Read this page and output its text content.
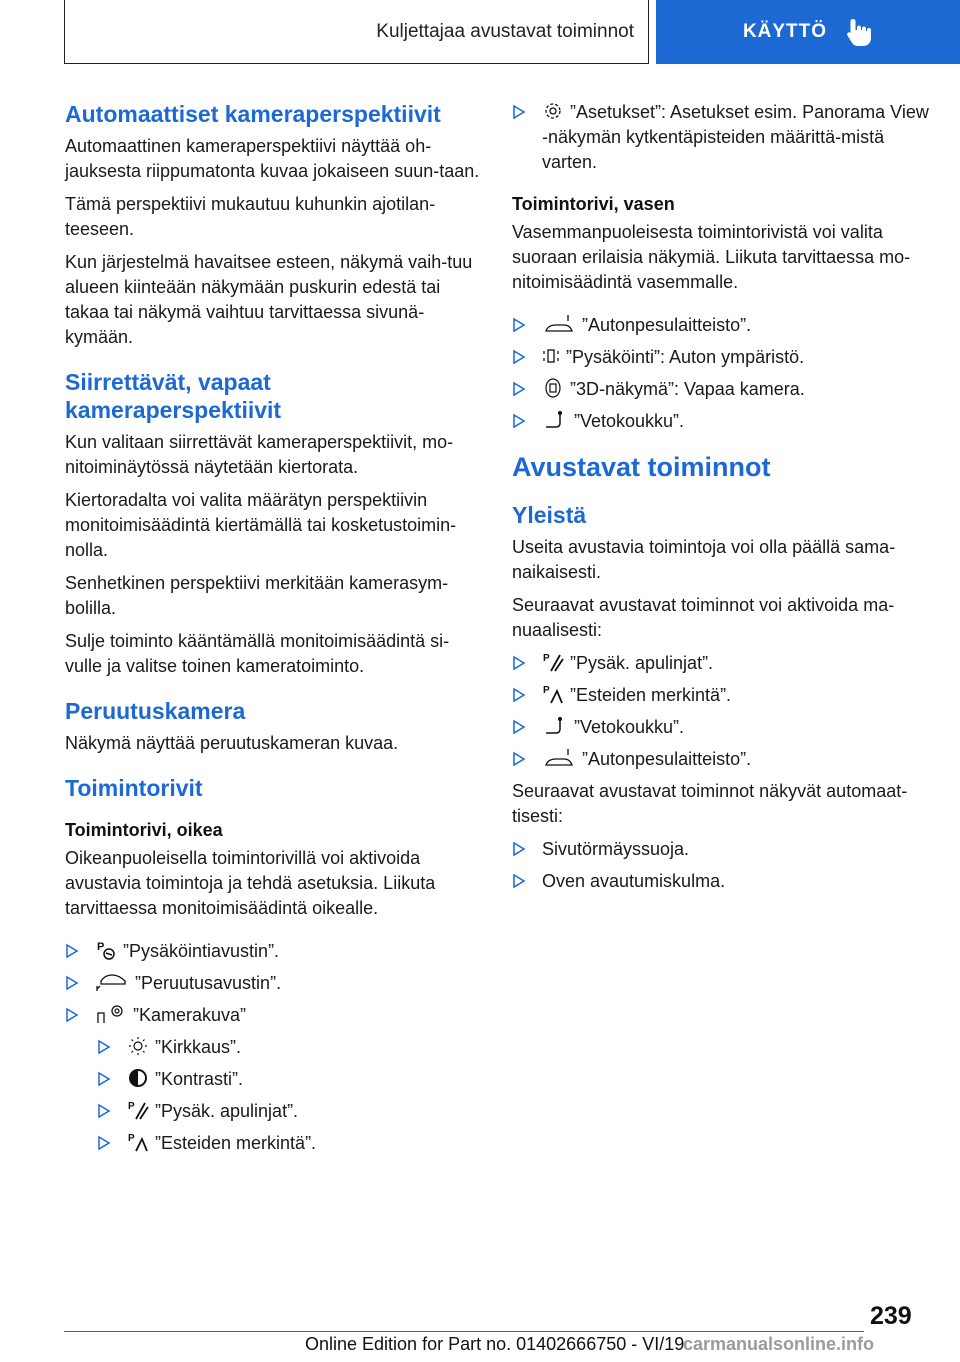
Kuljettajaa avustavat toiminnot	KÄYTTÖ
Automaattiset kameraperspektiivit

Automaattinen kameraperspektiivi näyttää oh-jauksesta riippumatonta kuvaa jokaiseen suun-taan.

Tämä perspektiivi mukautuu kuhunkin ajotilan-teeseen.

Kun järjestelmä havaitsee esteen, näkymä vaih-tuu alueen kiinteään näkymään puskurin edestä tai takaa tai näkymä vaihtuu tarvittaessa sivunä-kymään.

Siirrettävät, vapaat kameraperspektiivit

Kun valitaan siirrettävät kameraperspektiivit, mo-nitoiminäytössä näytetään kiertorata.

Kiertoradalta voi valita määrätyn perspektiivin monitoimisäädintä kiertämällä tai kosketustoimin-nolla.

Senhetkinen perspektiivi merkitään kamerasym-bolilla.

Sulje toiminto kääntämällä monitoimisäädintä si-vulle ja valitse toinen kameratoiminto.

Peruutuskamera

Näkymä näyttää peruutuskameran kuvaa.

Toimintorivit
Toimintorivi, oikea

Oikeanpuoleisella toimintorivillä voi aktivoida avustavia toimintoja ja tehdä asetuksia. Liikuta tarvittaessa monitoimisäädintä oikealle.

P ”Pysäköintiavustin”.
”Peruutusavustin”.
”Kamerakuva”
”Kirkkaus”.
”Kontrasti”.
P ”Pysäk. apulinjat”.
P ”Esteiden merkintä”.
”Asetukset”: Asetukset esim. Panorama View -näkymän kytkentäpisteiden määrittä-mistä varten.
Toimintorivi, vasen

Vasemmanpuoleisesta toimintorivistä voi valita suoraan erilaisia näkymiä. Liikuta tarvittaessa mo-nitoimisäädintä vasemmalle.

”Autonpesulaitteisto”.
”Pysäköinti”: Auton ympäristö.
”3D-näkymä”: Vapaa kamera.
”Vetokoukku”.
Avustavat toiminnot
Yleistä

Useita avustavia toimintoja voi olla päällä sama-naikaisesti.

Seuraavat avustavat toiminnot voi aktivoida ma-nuaalisesti:

P ”Pysäk. apulinjat”.
P ”Esteiden merkintä”.
”Vetokoukku”.
”Autonpesulaitteisto”.

Seuraavat avustavat toiminnot näkyvät automaat-tisesti:

Sivutörmäyssuoja.
Oven avautumiskulma.
239
Online Edition for Part no. 01402666750 - VI/19
carmanualsonline.info
